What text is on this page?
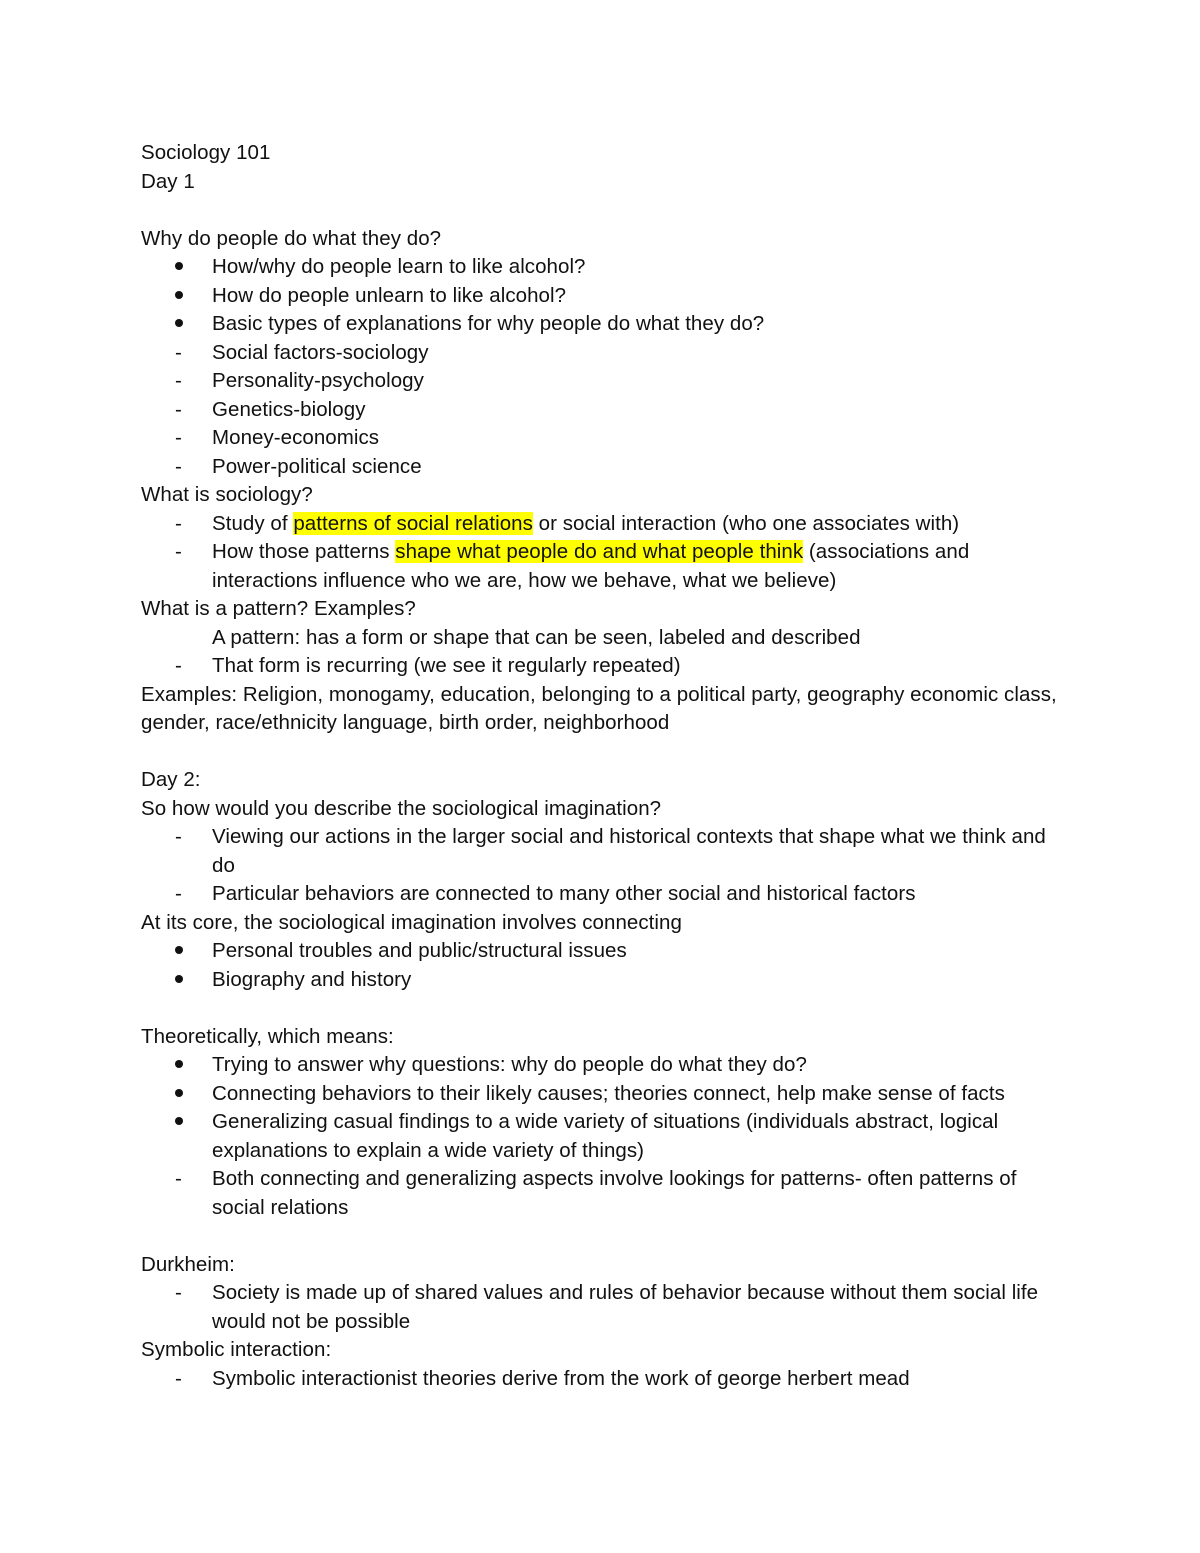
Sociology 101

Day 1

Why do people do what they do?

How/why do people learn to like alcohol?
How do people unlearn to like alcohol?
Basic types of explanations for why people do what they do?
-	Social factors-sociology
-	Personality-psychology
-	Genetics-biology
-	Money-economics
-	Power-political science

What is sociology?

-	Study of patterns of social relations or social interaction (who one associates with)
-	How those patterns shape what people do and what people think (associations and interactions influence who we are, how we behave, what we believe)

What is a pattern? Examples?

A pattern: has a form or shape that can be seen, labeled and described

-	That form is recurring (we see it regularly repeated)

Examples: Religion, monogamy, education, belonging to a political party, geography economic class, gender, race/ethnicity language, birth order, neighborhood

Day 2:

So how would you describe the sociological imagination?

-	Viewing our actions in the larger social and historical contexts that shape what we think and do
-	Particular behaviors are connected to many other social and historical factors

At its core, the sociological imagination involves connecting

Personal troubles and public/structural issues
Biography and history

Theoretically, which means:

Trying to answer why questions: why do people do what they do?
Connecting behaviors to their likely causes; theories connect, help make sense of facts
Generalizing casual findings to a wide variety of situations (individuals abstract, logical explanations to explain a wide variety of things)
-	Both connecting and generalizing aspects involve lookings for patterns- often patterns of social relations

Durkheim:

-	Society is made up of shared values and rules of behavior because without them social life would not be possible

Symbolic interaction:

-	Symbolic interactionist theories derive from the work of george herbert mead
